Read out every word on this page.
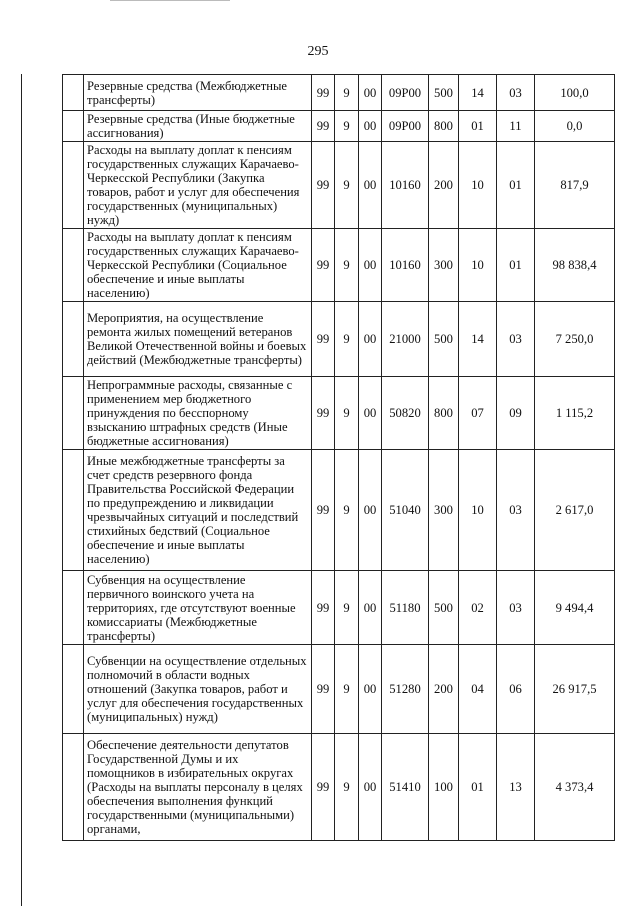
295
	Резервные средства (Межбюджетные трансферты)	99	9	00	09Р00	500	14	03	100,0
	Резервные средства (Иные бюджетные ассигнования)	99	9	00	09Р00	800	01	11	0,0
	Расходы на выплату доплат к пенсиям государственных служащих Карачаево-Черкесской Республики (Закупка товаров, работ и услуг для обеспечения государственных (муниципальных) нужд)	99	9	00	10160	200	10	01	817,9
	Расходы на выплату доплат к пенсиям государственных служащих Карачаево-Черкесской Республики (Социальное обеспечение и иные выплаты населению)	99	9	00	10160	300	10	01	98 838,4
	Мероприятия, на осуществление ремонта жилых помещений ветеранов Великой Отечественной войны и боевых действий (Межбюджетные трансферты)	99	9	00	21000	500	14	03	7 250,0
	Непрограммные расходы, связанные с применением мер бюджетного принуждения по бесспорному взысканию штрафных средств (Иные бюджетные ассигнования)	99	9	00	50820	800	07	09	1 115,2
	Иные межбюджетные трансферты за счет средств резервного фонда Правительства Российской Федерации по предупреждению и ликвидации чрезвычайных ситуаций и последствий стихийных бедствий (Социальное обеспечение и иные выплаты населению)	99	9	00	51040	300	10	03	2 617,0
	Субвенция на осуществление первичного воинского учета на территориях, где отсутствуют военные комиссариаты (Межбюджетные трансферты)	99	9	00	51180	500	02	03	9 494,4
	Субвенции на осуществление отдельных полномочий в области водных отношений (Закупка товаров, работ и услуг для обеспечения государственных (муниципальных) нужд)	99	9	00	51280	200	04	06	26 917,5
	Обеспечение деятельности депутатов Государственной Думы и их помощников в избирательных округах (Расходы на выплаты персоналу в целях обеспечения выполнения функций государственными (муниципальными) органами,	99	9	00	51410	100	01	13	4 373,4
